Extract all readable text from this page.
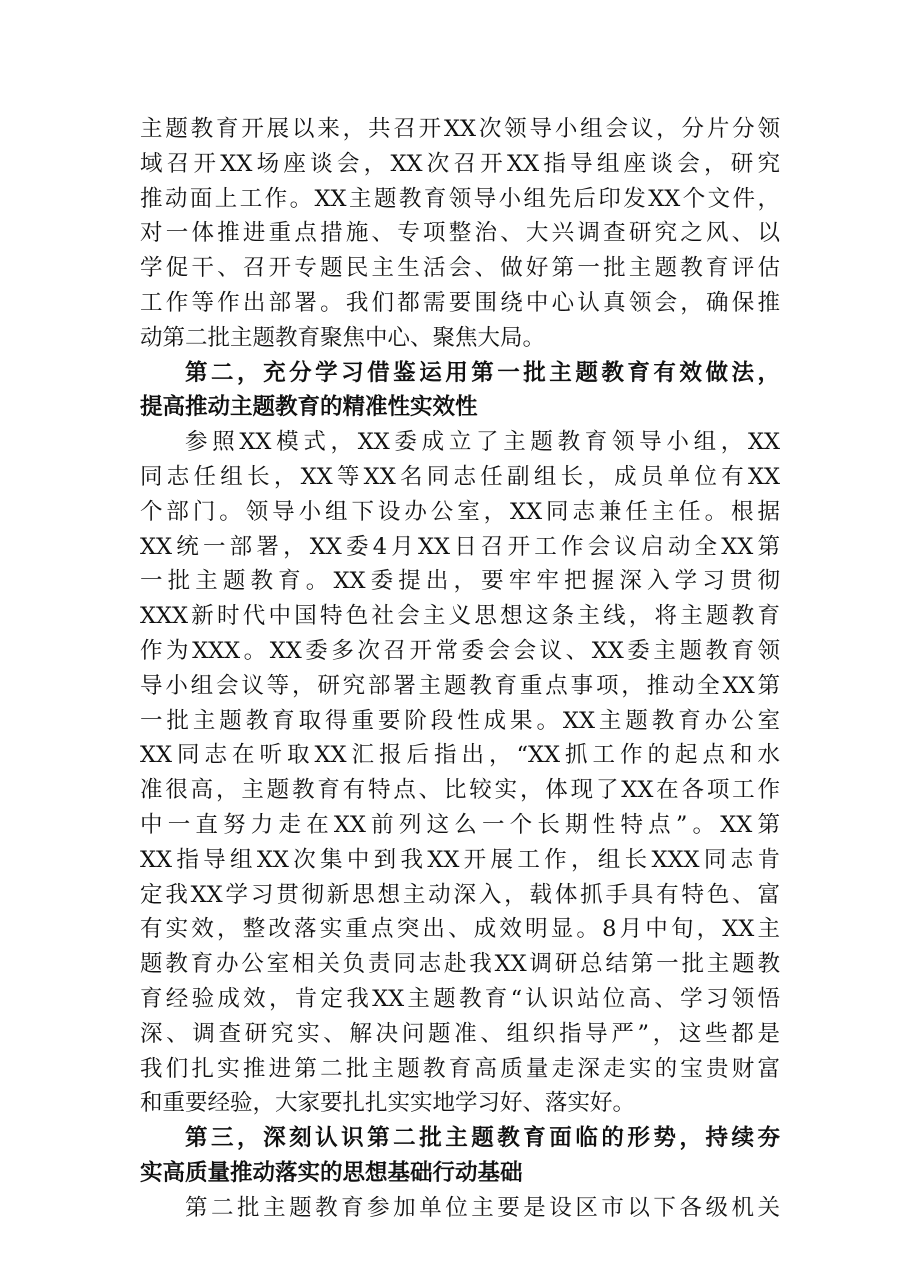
主题教育开展以来，共召开XX次领导小组会议，分片分领
域召开XX场座谈会，XX次召开XX指导组座谈会，研究
推动面上工作。XX主题教育领导小组先后印发XX个文件，
对一体推进重点措施、专项整治、大兴调查研究之风、以
学促干、召开专题民主生活会、做好第一批主题教育评估
工作等作出部署。我们都需要围绕中心认真领会，确保推
动第二批主题教育聚焦中心、聚焦大局。
第二，充分学习借鉴运用第一批主题教育有效做法，
提高推动主题教育的精准性实效性
参照XX模式，XX委成立了主题教育领导小组，XX
同志任组长，XX等XX名同志任副组长，成员单位有XX
个部门。领导小组下设办公室，XX同志兼任主任。根据
XX统一部署，XX委4月XX日召开工作会议启动全XX第
一批主题教育。XX委提出，要牢牢把握深入学习贯彻
XXX新时代中国特色社会主义思想这条主线，将主题教育
作为XXX。XX委多次召开常委会会议、XX委主题教育领
导小组会议等，研究部署主题教育重点事项，推动全XX第
一批主题教育取得重要阶段性成果。XX主题教育办公室
XX同志在听取XX汇报后指出，“XX抓工作的起点和水
准很高，主题教育有特点、比较实，体现了XX在各项工作
中一直努力走在XX前列这么一个长期性特点”。XX第
XX指导组XX次集中到我XX开展工作，组长XXX同志肯
定我XX学习贯彻新思想主动深入，载体抓手具有特色、富
有实效，整改落实重点突出、成效明显。8月中旬，XX主
题教育办公室相关负责同志赴我XX调研总结第一批主题教
育经验成效，肯定我XX主题教育“认识站位高、学习领悟
深、调查研究实、解决问题准、组织指导严”，这些都是
我们扎实推进第二批主题教育高质量走深走实的宝贵财富
和重要经验，大家要扎扎实实地学习好、落实好。
第三，深刻认识第二批主题教育面临的形势，持续夯
实高质量推动落实的思想基础行动基础
第二批主题教育参加单位主要是设区市以下各级机关
